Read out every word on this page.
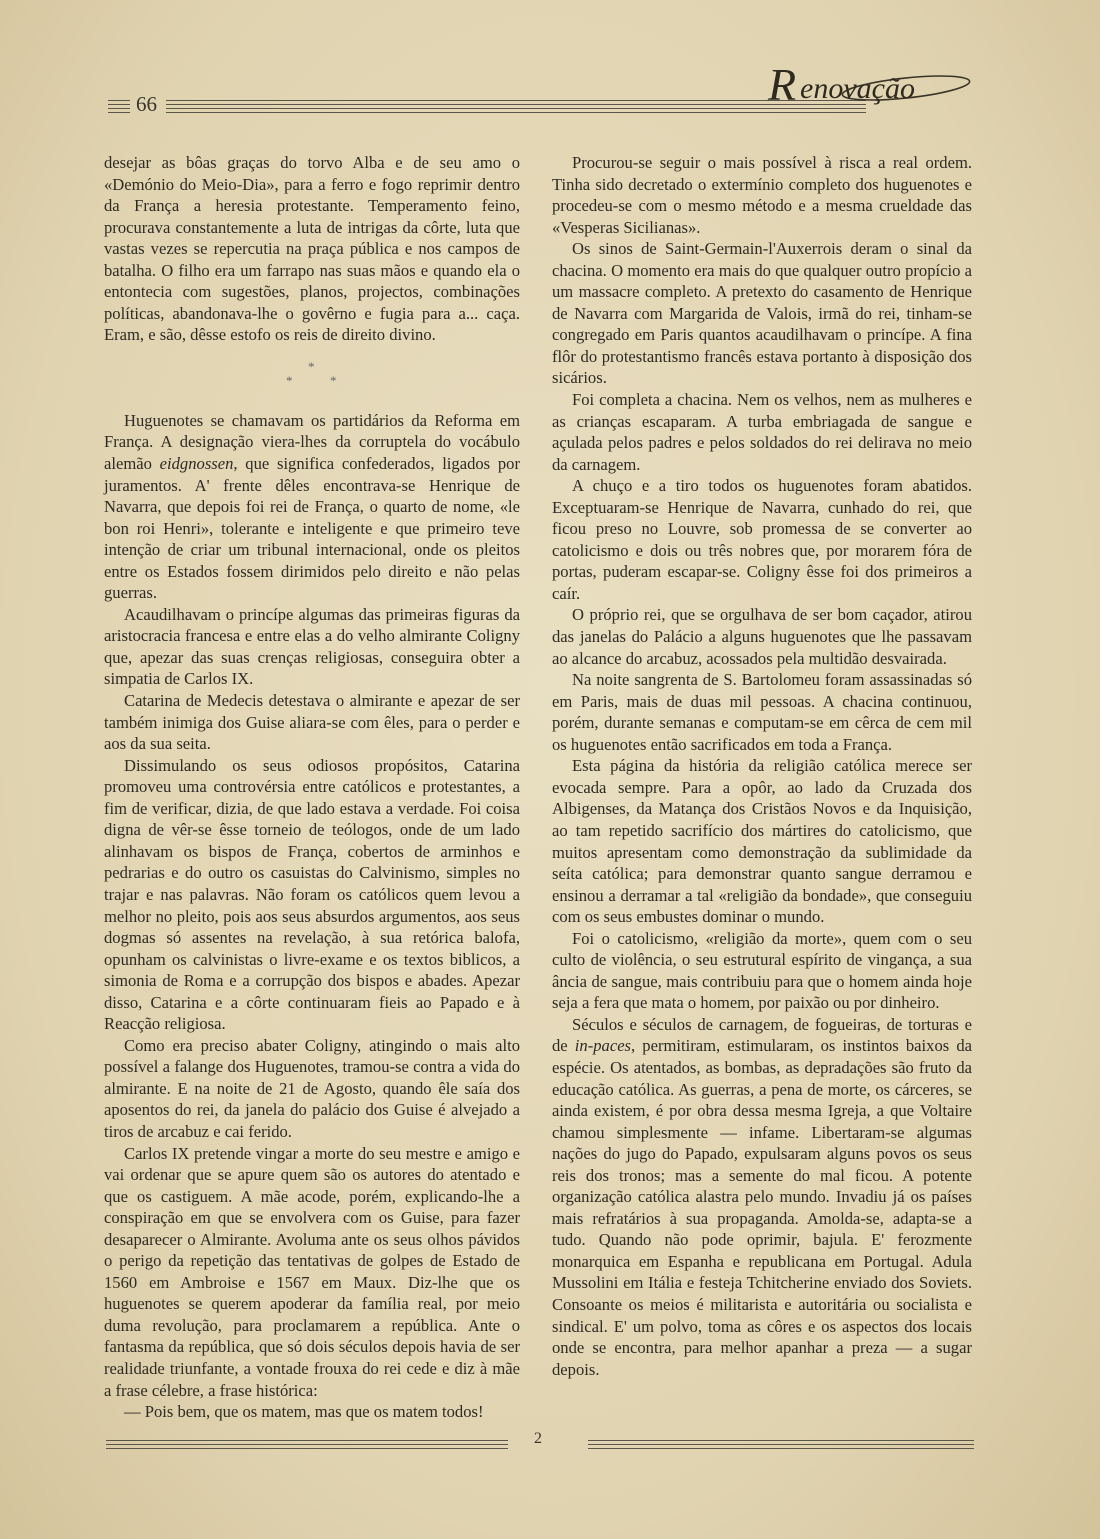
66	R enovação

desejar as bôas graças do torvo Alba e de seu amo o «Demónio do Meio-Dia», para a ferro e fogo reprimir dentro da França a heresia protestante. Temperamento feino, procurava constantemente a luta de intrigas da côrte, luta que vastas vezes se repercutia na praça pública e nos campos de batalha. O filho era um farrapo nas suas mãos e quando ela o entontecia com sugestões, planos, projectos, combinações políticas, abandonava-lhe o govêrno e fugia para a... caça. Eram, e são, dêsse estofo os reis de direito divino.

*
*	*

Huguenotes se chamavam os partidários da Reforma em França. A designação viera-lhes da corruptela do vocábulo alemão eidgnossen, que significa confederados, ligados por juramentos. A' frente dêles encontrava-se Henrique de Navarra, que depois foi rei de França, o quarto de nome, «le bon roi Henri», tolerante e inteligente e que primeiro teve intenção de criar um tribunal internacional, onde os pleitos entre os Estados fossem dirimidos pelo direito e não pelas guerras.

Acaudilhavam o princípe algumas das primeiras figuras da aristocracia francesa e entre elas a do velho almirante Coligny que, apezar das suas crenças religiosas, conseguira obter a simpatia de Carlos IX.

Catarina de Medecis detestava o almirante e apezar de ser também inimiga dos Guise aliara-se com êles, para o perder e aos da sua seita.

Dissimulando os seus odiosos propósitos, Catarina promoveu uma controvérsia entre católicos e protestantes, a fim de verificar, dizia, de que lado estava a verdade. Foi coisa digna de vêr-se êsse torneio de teólogos, onde de um lado alinhavam os bispos de França, cobertos de arminhos e pedrarias e do outro os casuistas do Calvinismo, simples no trajar e nas palavras. Não foram os católicos quem levou a melhor no pleito, pois aos seus absurdos argumentos, aos seus dogmas só assentes na revelação, à sua retórica balofa, opunham os calvinistas o livre-exame e os textos biblicos, a simonia de Roma e a corrupção dos bispos e abades. Apezar disso, Catarina e a côrte continuaram fieis ao Papado e à Reacção religiosa.

Como era preciso abater Coligny, atingindo o mais alto possível a falange dos Huguenotes, tramou-se contra a vida do almirante. E na noite de 21 de Agosto, quando êle saía dos aposentos do rei, da janela do palácio dos Guise é alvejado a tiros de arcabuz e cai ferido.

Carlos IX pretende vingar a morte do seu mestre e amigo e vai ordenar que se apure quem são os autores do atentado e que os castiguem. A mãe acode, porém, explicando-lhe a conspiração em que se envolvera com os Guise, para fazer desaparecer o Almirante. Avoluma ante os seus olhos pávidos o perigo da repetição das tentativas de golpes de Estado de 1560 em Ambroise e 1567 em Maux. Diz-lhe que os huguenotes se querem apoderar da família real, por meio duma revolução, para proclamarem a república. Ante o fantasma da república, que só dois séculos depois havia de ser realidade triunfante, a vontade frouxa do rei cede e diz à mãe a frase célebre, a frase histórica:

— Pois bem, que os matem, mas que os matem todos!

Procurou-se seguir o mais possível à risca a real ordem. Tinha sido decretado o extermínio completo dos huguenotes e procedeu-se com o mesmo método e a mesma crueldade das «Vesperas Sicilianas».

Os sinos de Saint-Germain-l'Auxerrois deram o sinal da chacina. O momento era mais do que qualquer outro propício a um massacre completo. A pretexto do casamento de Henrique de Navarra com Margarida de Valois, irmã do rei, tinham-se congregado em Paris quantos acaudilhavam o princípe. A fina flôr do protestantismo francês estava portanto à disposição dos sicários.

Foi completa a chacina. Nem os velhos, nem as mulheres e as crianças escaparam. A turba embriagada de sangue e açulada pelos padres e pelos soldados do rei delirava no meio da carnagem.

A chuço e a tiro todos os huguenotes foram abatidos. Exceptuaram-se Henrique de Navarra, cunhado do rei, que ficou preso no Louvre, sob promessa de se converter ao catolicismo e dois ou três nobres que, por morarem fóra de portas, puderam escapar-se. Coligny êsse foi dos primeiros a caír.

O próprio rei, que se orgulhava de ser bom caçador, atirou das janelas do Palácio a alguns huguenotes que lhe passavam ao alcance do arcabuz, acossados pela multidão desvairada.

Na noite sangrenta de S. Bartolomeu foram assassinadas só em Paris, mais de duas mil pessoas. A chacina continuou, porém, durante semanas e computam-se em cêrca de cem mil os huguenotes então sacrificados em toda a França.

Esta página da história da religião católica merece ser evocada sempre. Para a opôr, ao lado da Cruzada dos Albigenses, da Matança dos Cristãos Novos e da Inquisição, ao tam repetido sacrifício dos mártires do catolicismo, que muitos apresentam como demonstração da sublimidade da seíta católica; para demonstrar quanto sangue derramou e ensinou a derramar a tal «religião da bondade», que conseguiu com os seus embustes dominar o mundo.

Foi o catolicismo, «religião da morte», quem com o seu culto de violência, o seu estrutural espírito de vingança, a sua ância de sangue, mais contribuiu para que o homem ainda hoje seja a fera que mata o homem, por paixão ou por dinheiro.

Séculos e séculos de carnagem, de fogueiras, de torturas e de in-paces, permitiram, estimularam, os instintos baixos da espécie. Os atentados, as bombas, as depradações são fruto da educação católica. As guerras, a pena de morte, os cárceres, se ainda existem, é por obra dessa mesma Igreja, a que Voltaire chamou simplesmente — infame. Libertaram-se algumas nações do jugo do Papado, expulsaram alguns povos os seus reis dos tronos; mas a semente do mal ficou. A potente organização católica alastra pelo mundo. Invadiu já os países mais refratários à sua propaganda. Amolda-se, adapta-se a tudo. Quando não pode oprimir, bajula. E' ferozmente monarquica em Espanha e republicana em Portugal. Adula Mussolini em Itália e festeja Tchitcherine enviado dos Soviets. Consoante os meios é militarista e autoritária ou socialista e sindical. E' um polvo, toma as côres e os aspectos dos locais onde se encontra, para melhor apanhar a preza — a sugar depois.

2
